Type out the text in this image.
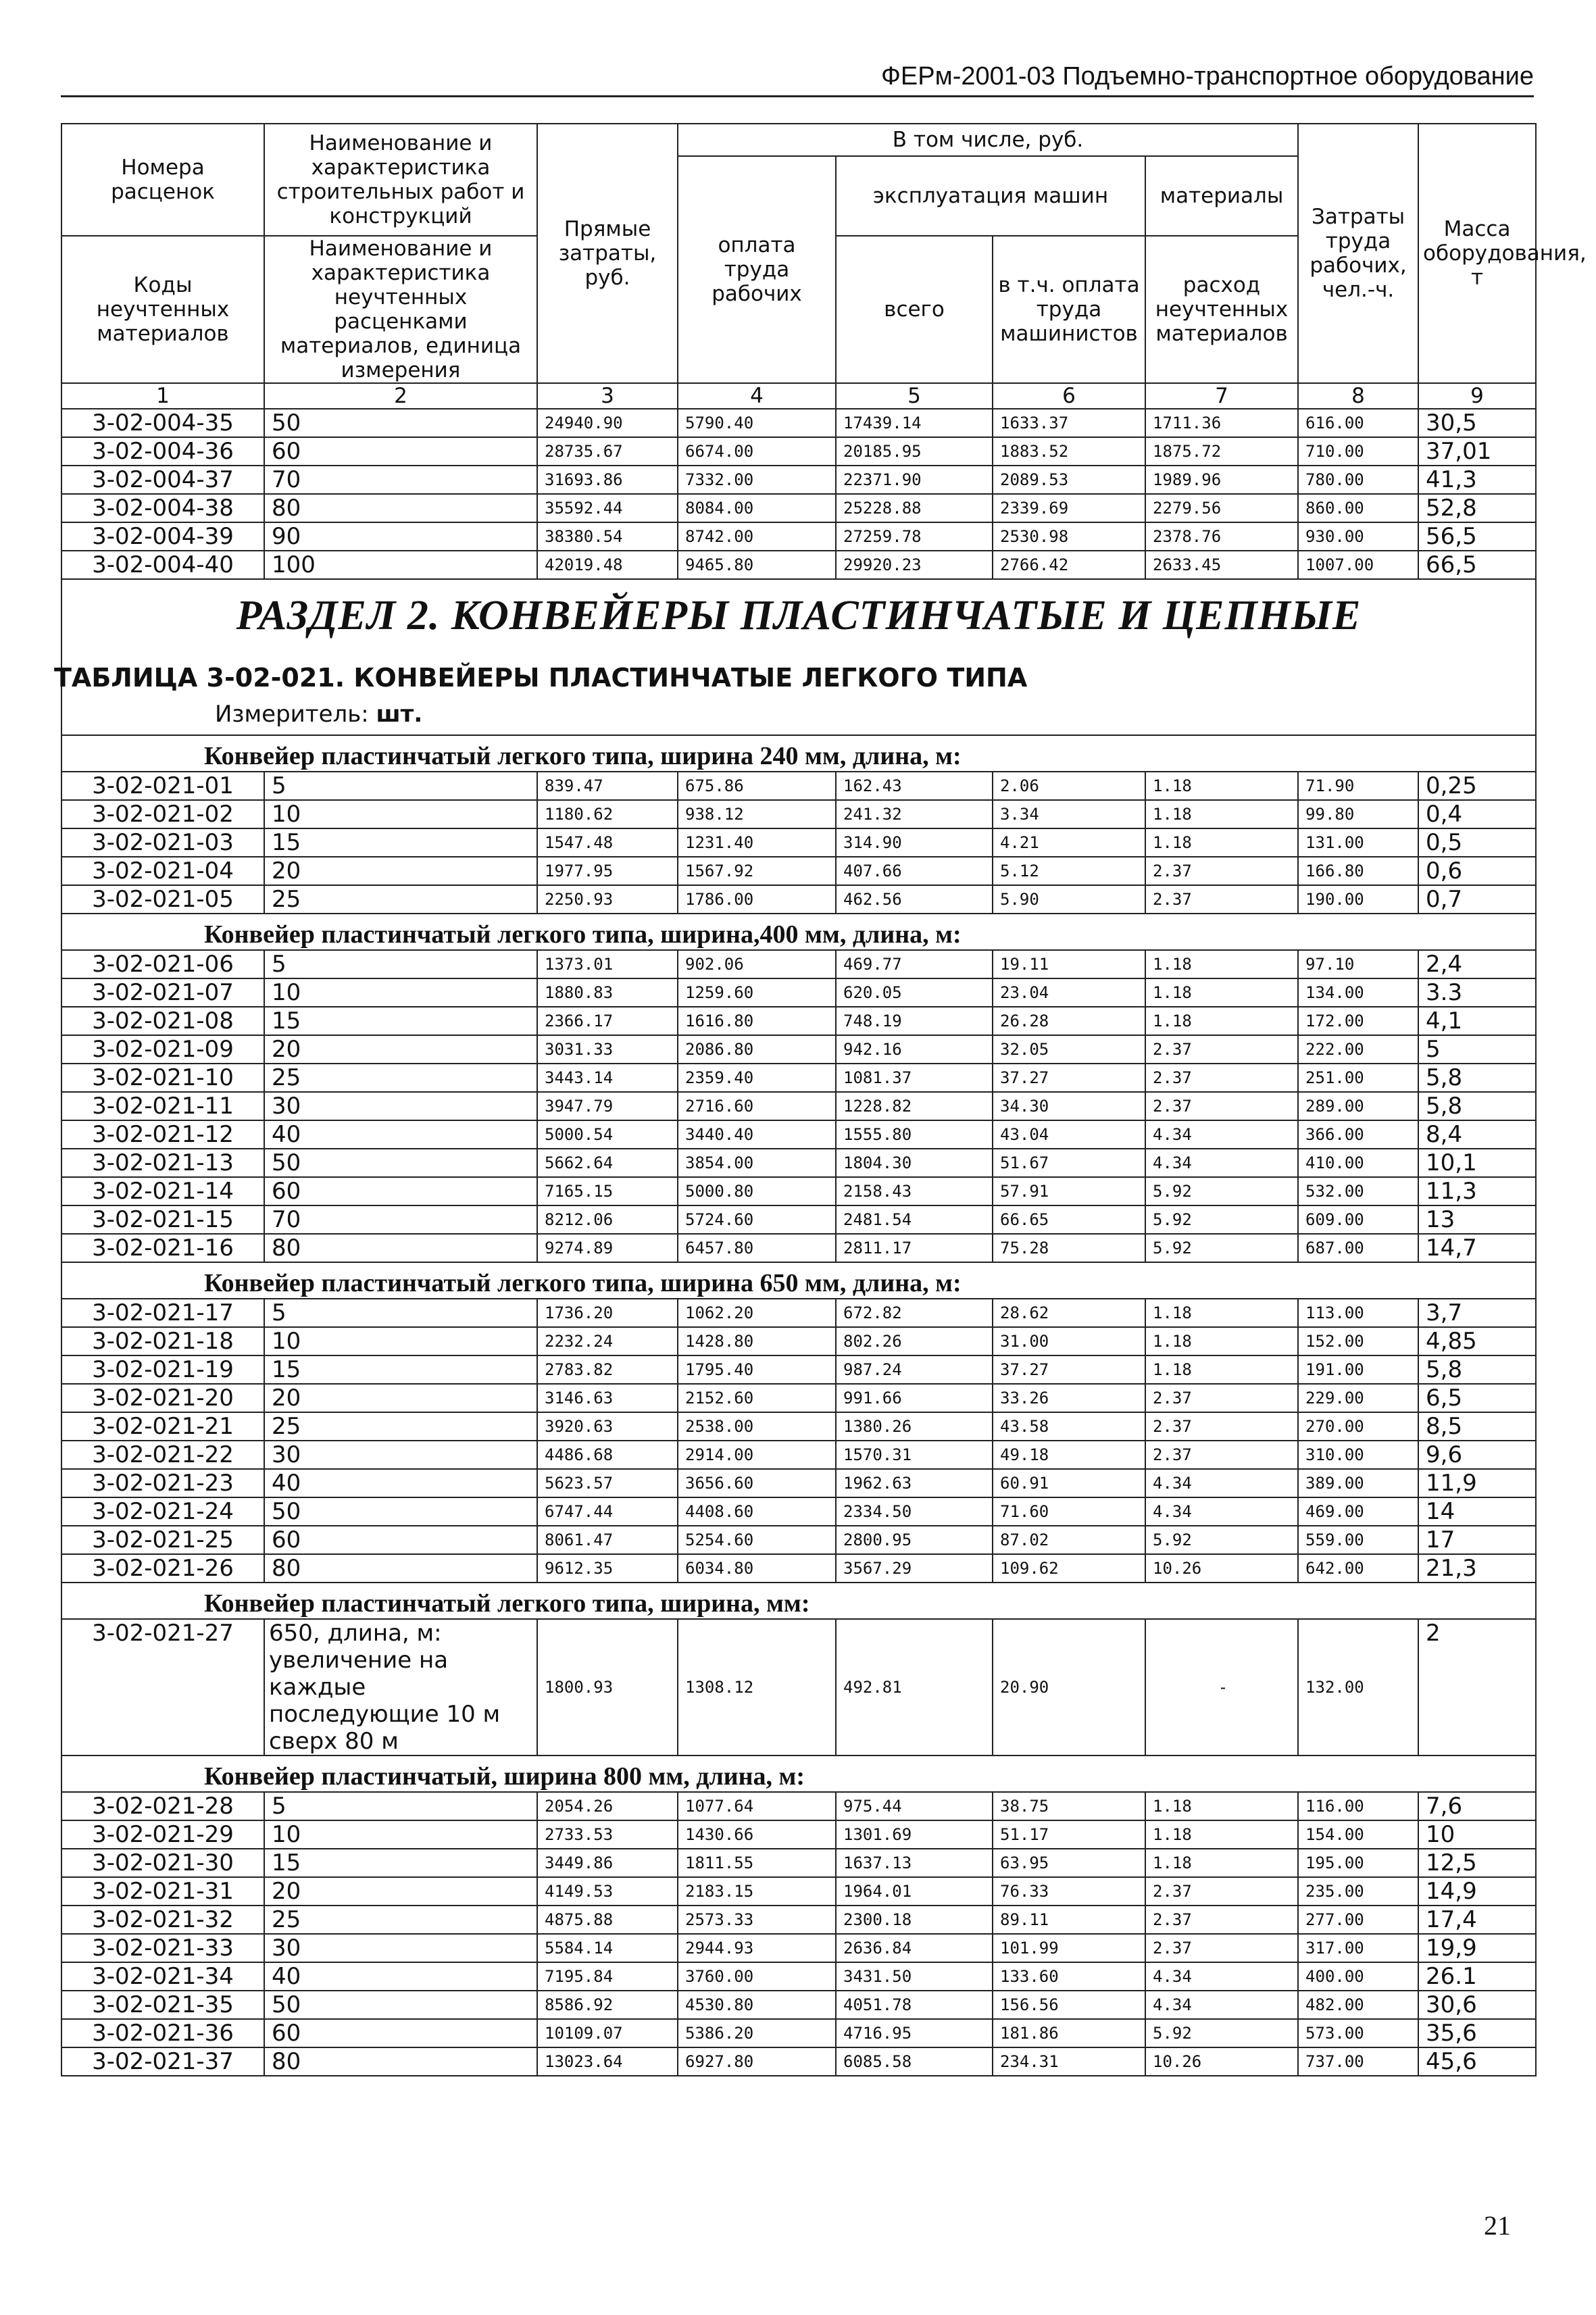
ФЕРм-2001-03 Подъемно-транспортное оборудование
Номера расценок	Наименование и характеристика строительных работ и конструкций	Прямые затраты, руб.	В том числе, руб.				Затраты труда рабочих, чел.-ч.	Масса оборудования, т
			оплата труда рабочих	эксплуатация машин		материалы		
Коды неучтенных материалов	Наименование и характеристика неучтенных расценками материалов, единица измерения			всего	в т.ч. оплата труда машинистов	расход неучтенных материалов		

1	2	3	4	5	6	7	8	9
3-02-004-35	50	24940.90	5790.40	17439.14	1633.37	1711.36	616.00	30,5
3-02-004-36	60	28735.67	6674.00	20185.95	1883.52	1875.72	710.00	37,01
3-02-004-37	70	31693.86	7332.00	22371.90	2089.53	1989.96	780.00	41,3
3-02-004-38	80	35592.44	8084.00	25228.88	2339.69	2279.56	860.00	52,8
3-02-004-39	90	38380.54	8742.00	27259.78	2530.98	2378.76	930.00	56,5
3-02-004-40	100	42019.48	9465.80	29920.23	2766.42	2633.45	1007.00	66,5

РАЗДЕЛ 2. КОНВЕЙЕРЫ ПЛАСТИНЧАТЫЕ И ЦЕПНЫЕ
ТАБЛИЦА 3-02-021. КОНВЕЙЕРЫ ПЛАСТИНЧАТЫЕ ЛЕГКОГО ТИПА
Измеритель: шт.								

Конвейер пластинчатый легкого типа, ширина 240 мм, длина, м:								
3-02-021-01	5	839.47	675.86	162.43	2.06	1.18	71.90	0,25
3-02-021-02	10	1180.62	938.12	241.32	3.34	1.18	99.80	0,4
3-02-021-03	15	1547.48	1231.40	314.90	4.21	1.18	131.00	0,5
3-02-021-04	20	1977.95	1567.92	407.66	5.12	2.37	166.80	0,6
3-02-021-05	25	2250.93	1786.00	462.56	5.90	2.37	190.00	0,7
Конвейер пластинчатый легкого типа, ширина,400 мм, длина, м:								
3-02-021-06	5	1373.01	902.06	469.77	19.11	1.18	97.10	2,4
3-02-021-07	10	1880.83	1259.60	620.05	23.04	1.18	134.00	3.3
3-02-021-08	15	2366.17	1616.80	748.19	26.28	1.18	172.00	4,1
3-02-021-09	20	3031.33	2086.80	942.16	32.05	2.37	222.00	5
3-02-021-10	25	3443.14	2359.40	1081.37	37.27	2.37	251.00	5,8
3-02-021-11	30	3947.79	2716.60	1228.82	34.30	2.37	289.00	5,8
3-02-021-12	40	5000.54	3440.40	1555.80	43.04	4.34	366.00	8,4
3-02-021-13	50	5662.64	3854.00	1804.30	51.67	4.34	410.00	10,1
3-02-021-14	60	7165.15	5000.80	2158.43	57.91	5.92	532.00	11,3
3-02-021-15	70	8212.06	5724.60	2481.54	66.65	5.92	609.00	13
3-02-021-16	80	9274.89	6457.80	2811.17	75.28	5.92	687.00	14,7
Конвейер пластинчатый легкого типа, ширина 650 мм, длина, м:								
3-02-021-17	5	1736.20	1062.20	672.82	28.62	1.18	113.00	3,7
3-02-021-18	10	2232.24	1428.80	802.26	31.00	1.18	152.00	4,85
3-02-021-19	15	2783.82	1795.40	987.24	37.27	1.18	191.00	5,8
3-02-021-20	20	3146.63	2152.60	991.66	33.26	2.37	229.00	6,5
3-02-021-21	25	3920.63	2538.00	1380.26	43.58	2.37	270.00	8,5
3-02-021-22	30	4486.68	2914.00	1570.31	49.18	2.37	310.00	9,6
3-02-021-23	40	5623.57	3656.60	1962.63	60.91	4.34	389.00	11,9
3-02-021-24	50	6747.44	4408.60	2334.50	71.60	4.34	469.00	14
3-02-021-25	60	8061.47	5254.60	2800.95	87.02	5.92	559.00	17
3-02-021-26	80	9612.35	6034.80	3567.29	109.62	10.26	642.00	21,3
Конвейер пластинчатый легкого типа, ширина, мм:								
3-02-021-27	650, длина, м: увеличение на каждые последующие 10 м сверх 80 м	1800.93	1308.12	492.81	20.90	-	132.00	2
Конвейер пластинчатый, ширина 800 мм, длина, м:								
3-02-021-28	5	2054.26	1077.64	975.44	38.75	1.18	116.00	7,6
3-02-021-29	10	2733.53	1430.66	1301.69	51.17	1.18	154.00	10
3-02-021-30	15	3449.86	1811.55	1637.13	63.95	1.18	195.00	12,5
3-02-021-31	20	4149.53	2183.15	1964.01	76.33	2.37	235.00	14,9
3-02-021-32	25	4875.88	2573.33	2300.18	89.11	2.37	277.00	17,4
3-02-021-33	30	5584.14	2944.93	2636.84	101.99	2.37	317.00	19,9
3-02-021-34	40	7195.84	3760.00	3431.50	133.60	4.34	400.00	26.1
3-02-021-35	50	8586.92	4530.80	4051.78	156.56	4.34	482.00	30,6
3-02-021-36	60	10109.07	5386.20	4716.95	181.86	5.92	573.00	35,6
3-02-021-37	80	13023.64	6927.80	6085.58	234.31	10.26	737.00	45,6
21
